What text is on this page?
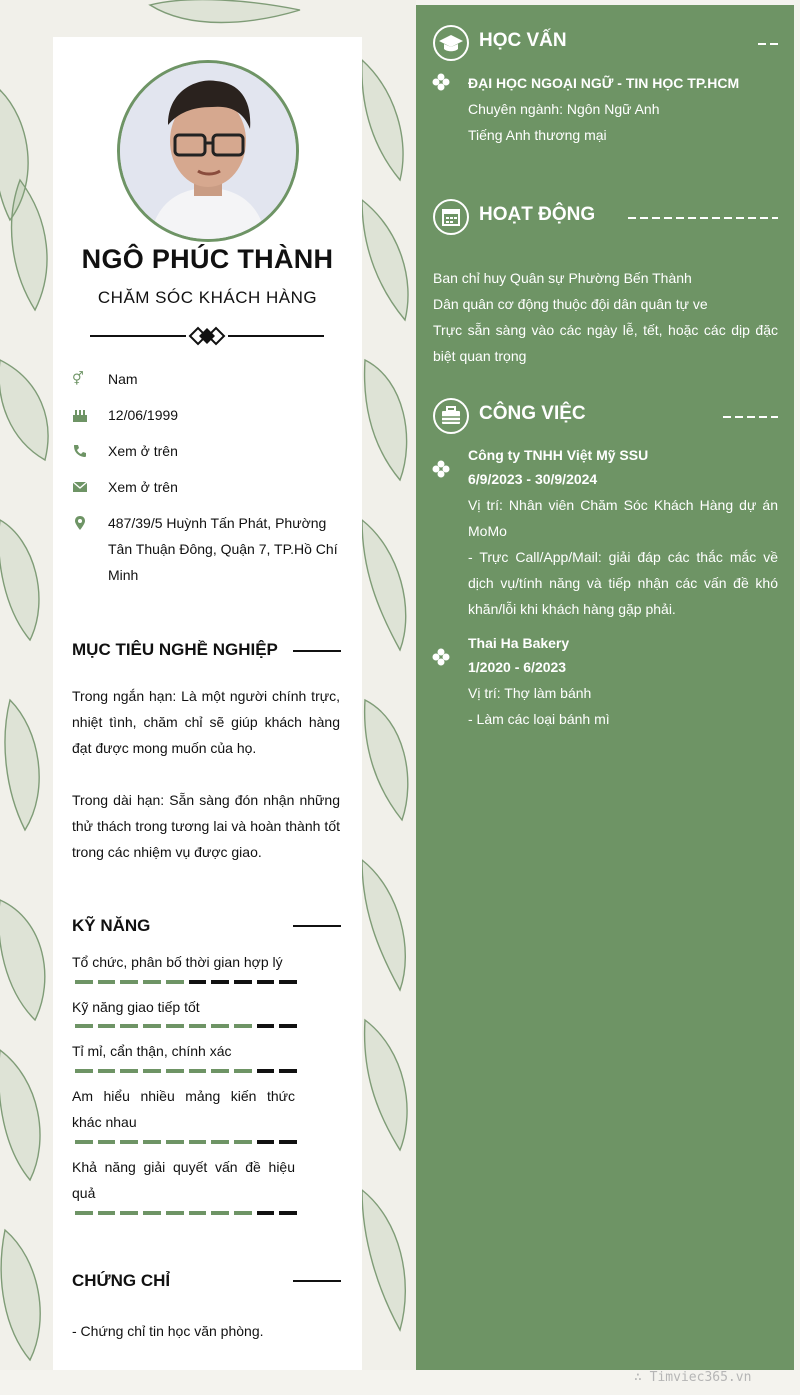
NGÔ PHÚC THÀNH
CHĂM SÓC KHÁCH HÀNG
⚥	Nam
12/06/1999
Xem ở trên
Xem ở trên
487/39/5 Huỳnh Tấn Phát, Phường Tân Thuận Đông, Quận 7, TP.Hồ Chí Minh
MỤC TIÊU NGHỀ NGHIỆP
Trong ngắn hạn: Là một người chính trực, nhiệt tình, chăm chỉ sẽ giúp khách hàng đạt được mong muốn của họ.
Trong dài hạn: Sẵn sàng đón nhận những thử thách trong tương lai và hoàn thành tốt trong các nhiệm vụ được giao.
KỸ NĂNG
Tổ chức, phân bố thời gian hợp lý
Kỹ năng giao tiếp tốt
Tỉ mỉ, cẩn thận, chính xác
Am hiểu nhiều mảng kiến thức khác nhau
Khả năng giải quyết vấn đề hiệu quả
CHỨNG CHỈ
- Chứng chỉ tin học văn phòng.
HỌC VẤN
ĐẠI HỌC NGOẠI NGỮ - TIN HỌC TP.HCM
Chuyên ngành: Ngôn Ngữ Anh
Tiếng Anh thương mại
HOẠT ĐỘNG
Ban chỉ huy Quân sự Phường Bến Thành
Dân quân cơ động thuộc đội dân quân tự ve
Trực sẵn sàng vào các ngày lễ, tết, hoặc các dịp đặc biệt quan trọng
CÔNG VIỆC
Công ty TNHH Việt Mỹ SSU
6/9/2023 - 30/9/2024
Vị trí: Nhân viên Chăm Sóc Khách Hàng dự án MoMo
- Trực Call/App/Mail: giải đáp các thắc mắc về dịch vụ/tính năng và tiếp nhận các vấn đề khó khăn/lỗi khi khách hàng gặp phải.
Thai Ha Bakery
1/2020 - 6/2023
Vị trí: Thợ làm bánh
- Làm các loại bánh mì
∴ Timviec365.vn
